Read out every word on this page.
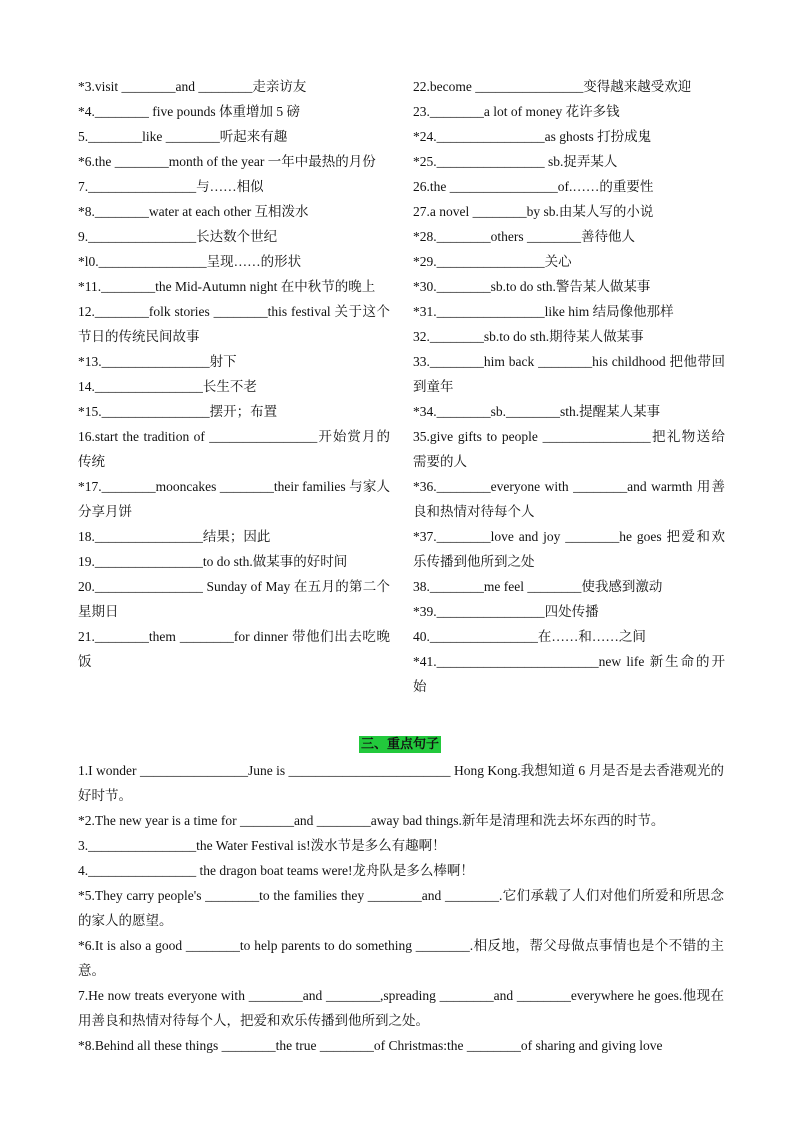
*3.visit ________and ________走亲访友
*4.________ five pounds 体重增加 5 磅
5.________like ________听起来有趣
*6.the ________month of the year 一年中最热的月份
7.________________与……相似
*8.________water at each other 互相泼水
9.________________长达数个世纪
*l0.________________呈现……的形状
*11.________the Mid-Autumn night 在中秋节的晚上
12.________folk stories ________this festival 关于这个节日的传统民间故事
*13.________________射下
14.________________长生不老
*15.________________摆开；布置
16.start the tradition of ________________开始赏月的传统
*17.________mooncakes ________their families 与家人分享月饼
18.________________结果；因此
19.________________to do sth.做某事的好时间
20.________________ Sunday of May 在五月的第二个星期日
21.________them ________for dinner 带他们出去吃晚饭
22.become ________________变得越来越受欢迎
23.________a lot of money 花许多钱
*24.________________as ghosts 打扮成鬼
*25.________________ sb.捉弄某人
26.the ________________of.……的重要性
27.a novel ________by sb.由某人写的小说
*28.________others ________善待他人
*29.________________关心
*30.________sb.to do sth.警告某人做某事
*31.________________like him 结局像他那样
32.________sb.to do sth.期待某人做某事
33.________him back ________his childhood 把他带回到童年
*34.________sb.________sth.提醒某人某事
35.give gifts to people ________________把礼物送给需要的人
*36.________everyone with ________and warmth 用善良和热情对待每个人
*37.________love and joy ________he goes 把爱和欢乐传播到他所到之处
38.________me feel ________使我感到激动
*39.________________四处传播
40.________________在……和……之间
*41.________________________new life 新生命的开始
三、重点句子
1.I wonder ________________June is ________________________ Hong Kong.我想知道 6 月是否是去香港观光的好时节。
*2.The new year is a time for ________and ________away bad things.新年是清理和洗去坏东西的时节。
3.________________the Water Festival is!泼水节是多么有趣啊！
4.________________ the dragon boat teams were!龙舟队是多么棒啊！
*5.They carry people's ________to the families they ________and ________.它们承载了人们对他们所爱和所思念的家人的愿望。
*6.It is also a good ________to help parents to do something ________.相反地，帮父母做点事情也是个不错的主意。
7.He now treats everyone with ________and ________,spreading ________and ________everywhere he goes.他现在用善良和热情对待每个人，把爱和欢乐传播到他所到之处。
*8.Behind all these things ________the true ________of Christmas:the ________of sharing and giving love
